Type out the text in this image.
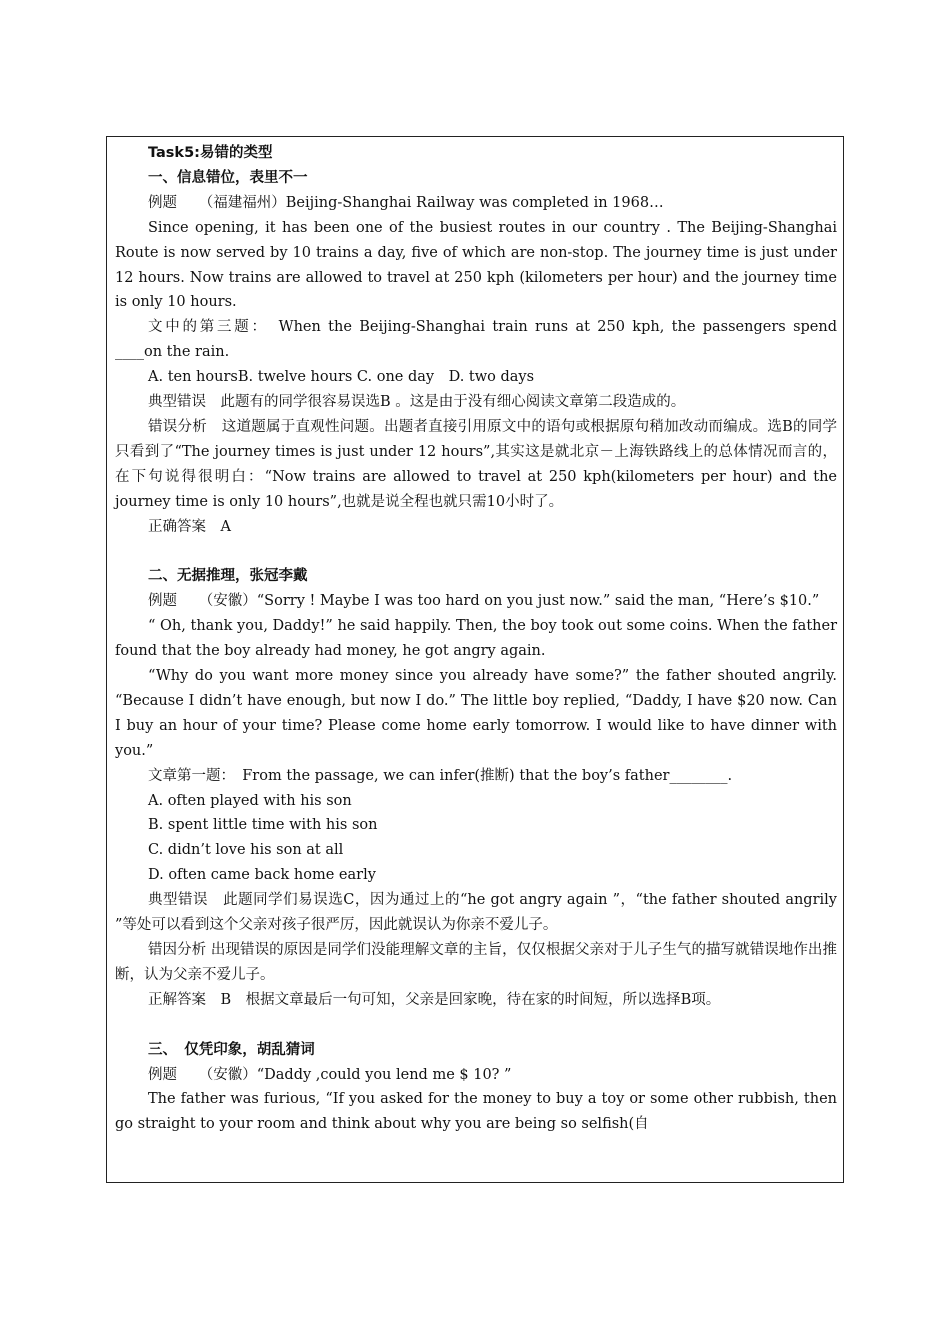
Task5:易错的类型

一、信息错位，表里不一

例题　　（福建福州）Beijing-Shanghai Railway was completed in 1968…

Since opening, it has been one of the busiest routes in our country . The Beijing-Shanghai Route is now served by 10 trains a day, five of which are non-stop. The journey time is just under 12 hours. Now trains are allowed to travel at 250 kph (kilometers per hour) and the journey time is only 10 hours.

文中的第三题：　When the Beijing-Shanghai train runs at 250 kph, the passengers spend ____on the rain.

A. ten hoursB. twelve hours C. one day　D. two days

典型错误　此题有的同学很容易误选B 。这是由于没有细心阅读文章第二段造成的。

错误分析　这道题属于直观性问题。出题者直接引用原文中的语句或根据原句稍加改动而编成。选B的同学只看到了“The journey times is just under 12 hours”,其实这是就北京－上海铁路线上的总体情况而言的，在下句说得很明白：“Now trains are allowed to travel at 250 kph(kilometers per hour) and the journey time is only 10 hours”,也就是说全程也就只需10小时了。

正确答案　A

二、无据推理，张冠李戴

例题　　（安徽）“Sorry ! Maybe I was too hard on you just now.” said the man, “Here’s $10.”

“ Oh, thank you, Daddy!” he said happily. Then, the boy took out some coins. When the father found that the boy already had money, he got angry again.

“Why do you want more money since you already have some?” the father shouted angrily. “Because I didn’t have enough, but now I do.” The little boy replied, “Daddy, I have $20 now. Can I buy an hour of your time? Please come home early tomorrow. I would like to have dinner with you.”

文章第一题：　From the passage, we can infer(推断) that the boy’s father________.

A. often played with his son

B. spent little time with his son

C. didn’t love his son at all

D. often came back home early

典型错误　此题同学们易误选C，因为通过上的“he got angry again ”，“the father shouted angrily ”等处可以看到这个父亲对孩子很严厉，因此就误认为你亲不爱儿子。

错因分析 出现错误的原因是同学们没能理解文章的主旨，仅仅根据父亲对于儿子生气的描写就错误地作出推断，认为父亲不爱儿子。

正解答案　B　根据文章最后一句可知，父亲是回家晚，待在家的时间短，所以选择B项。

三、　仅凭印象，胡乱猜词

例题　　（安徽）“Daddy ,could you lend me $ 10? ”

The father was furious, “If you asked for the money to buy a toy or some other rubbish, then go straight to your room and think about why you are being so selfish(自
